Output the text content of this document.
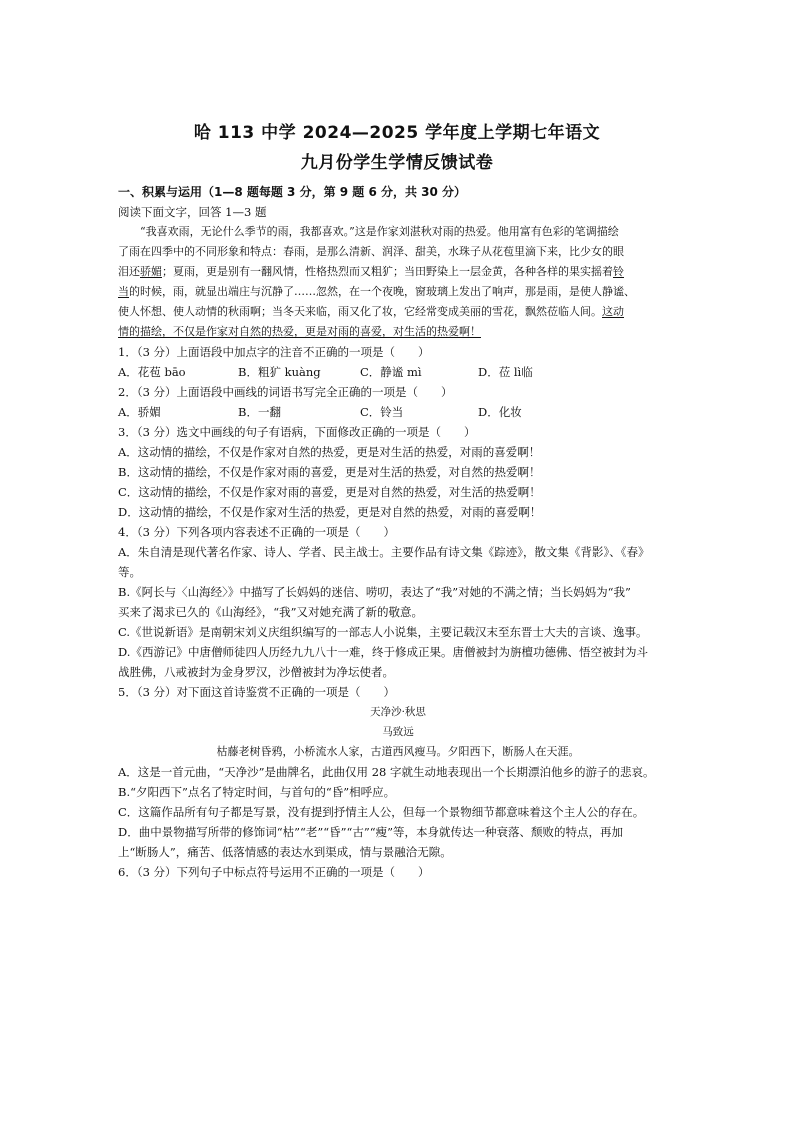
哈 113 中学 2024—2025 学年度上学期七年语文
九月份学生学情反馈试卷
一、积累与运用（1—8 题每题 3 分，第 9 题 6 分，共 30 分）
阅读下面文字，回答 1—3 题
“我喜欢雨，无论什么季节的雨，我都喜欢。”这是作家刘湛秋对雨的热爱。他用富有色彩的笔调描绘
了雨在四季中的不同形象和特点：春雨，是那么清新、润泽、甜美，水珠子从花苞里滴下来，比少女的眼
泪还骄媚；夏雨，更是别有一翻风情，性格热烈而又粗犷；当田野染上一层金黄，各种各样的果实摇着铃
当的时候，雨，就显出端庄与沉静了……忽然，在一个夜晚，窗玻璃上发出了响声，那是雨，是使人静谧、
使人怀想、使人动情的秋雨啊；当冬天来临，雨又化了妆，它经常变成美丽的雪花，飘然莅临人间。这动
情的描绘，不仅是作家对自然的热爱，更是对雨的喜爱，对生活的热爱啊！
1．（3 分）上面语段中加点字的注音不正确的一项是（　　）
A．花苞 bāo	B．粗犷 kuàng	C．静谧 mì	D．莅 lì临
2．（3 分）上面语段中画线的词语书写完全正确的一项是（　　）
A．骄媚	B．一翻	C．铃当	D．化妆
3．（3 分）选文中画线的句子有语病，下面修改正确的一项是（　　）
A．这动情的描绘，不仅是作家对自然的热爱，更是对生活的热爱，对雨的喜爱啊！
B．这动情的描绘，不仅是作家对雨的喜爱，更是对生活的热爱，对自然的热爱啊！
C．这动情的描绘，不仅是作家对雨的喜爱，更是对自然的热爱，对生活的热爱啊！
D．这动情的描绘，不仅是作家对生活的热爱，更是对自然的热爱，对雨的喜爱啊！
4．（3 分）下列各项内容表述不正确的一项是（　　）
A．朱自清是现代著名作家、诗人、学者、民主战士。主要作品有诗文集《踪迹》，散文集《背影》、《春》
等。
B.《阿长与〈山海经〉》中描写了长妈妈的迷信、唠叨，表达了“我”对她的不满之情；当长妈妈为“我”
买来了渴求已久的《山海经》，“我”又对她充满了新的敬意。
C.《世说新语》是南朝宋刘义庆组织编写的一部志人小说集，主要记载汉末至东晋士大夫的言谈、逸事。
D.《西游记》中唐僧师徒四人历经九九八十一难，终于修成正果。唐僧被封为旃檀功德佛、悟空被封为斗
战胜佛，八戒被封为金身罗汉，沙僧被封为净坛使者。
5．（3 分）对下面这首诗鉴赏不正确的一项是（　　）
天净沙·秋思
马致远
枯藤老树昏鸦，小桥流水人家，古道西风瘦马。夕阳西下，断肠人在天涯。
A．这是一首元曲，“天净沙”是曲牌名，此曲仅用 28 字就生动地表现出一个长期漂泊他乡的游子的悲哀。
B.“夕阳西下”点名了特定时间，与首句的“昏”相呼应。
C．这篇作品所有句子都是写景，没有提到抒情主人公，但每一个景物细节都意味着这个主人公的存在。
D．曲中景物描写所带的修饰词“枯”“老”“昏”“古”“瘦”等，本身就传达一种衰落、颓败的特点，再加
上“断肠人”，痛苦、低落情感的表达水到渠成，情与景融洽无隙。
6．（3 分）下列句子中标点符号运用不正确的一项是（　　）
